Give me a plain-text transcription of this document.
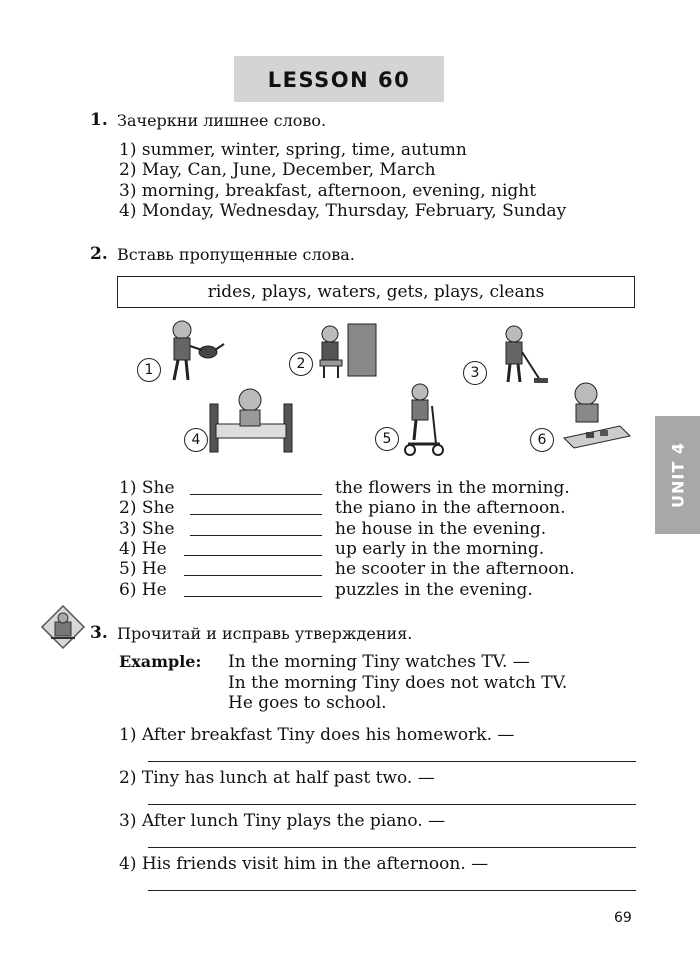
LESSON 60
UNIT 4
1. Зачеркни лишнее слово.
1) summer, winter, spring, time, autumn
2) May, Can, June, December, March
3) morning, breakfast, afternoon, evening, night
4) Monday, Wednesday, Thursday, February, Sunday
2. Вставь пропущенные слова.
rides, plays, waters, gets, plays, cleans
1	2
3
4	5	6
1) She	the flowers in the morning.
2) She	the piano in the afternoon.
3) She	he house in the evening.
4) He	up early in the morning.
5) He	he scooter in the afternoon.
6) He	puzzles in the evening.
3. Прочитай и исправь утверждения.
Example: In the morning Tiny watches TV. —
In the morning Tiny does not watch TV.
He goes to school.
1) After breakfast Tiny does his homework. —
2) Tiny has lunch at half past two. —
3) After lunch Tiny plays the piano. —
4) His friends visit him in the afternoon. —
69
